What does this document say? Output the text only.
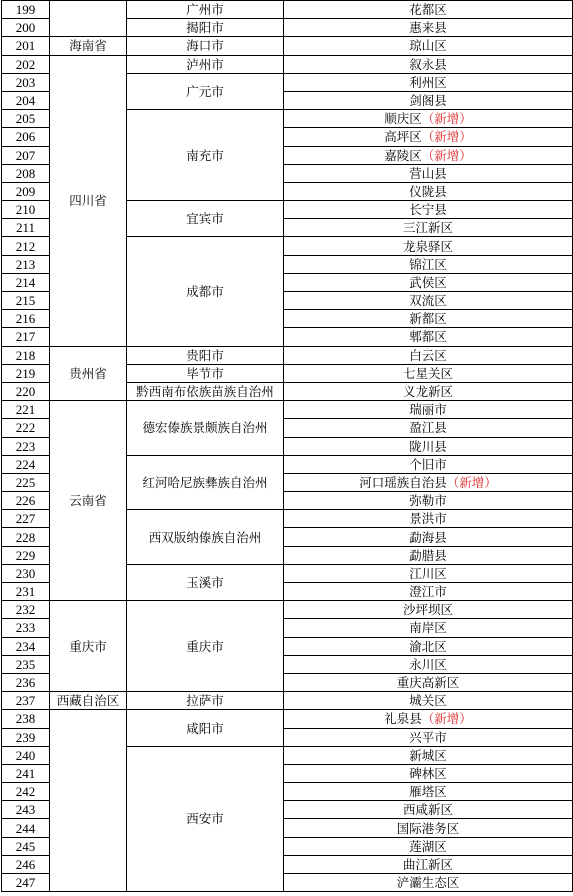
199		广州市	花都区
200		揭阳市	惠来县
201	海南省	海口市	琼山区
202	四川省	泸州市	叙永县
203		广元市	利州区
204			剑阁县
205		南充市	顺庆区（新增）
206			高坪区（新增）
207			嘉陵区（新增）
208			营山县
209			仪陇县
210		宜宾市	长宁县
211			三江新区
212		成都市	龙泉驿区
213			锦江区
214			武侯区
215			双流区
216			新都区
217			郫都区
218	贵州省	贵阳市	白云区
219		毕节市	七星关区
220		黔西南布依族苗族自治州	义龙新区
221	云南省	德宏傣族景颇族自治州	瑞丽市
222			盈江县
223			陇川县
224		红河哈尼族彝族自治州	个旧市
225			河口瑶族自治县（新增）
226			弥勒市
227		西双版纳傣族自治州	景洪市
228			勐海县
229			勐腊县
230		玉溪市	江川区
231			澄江市
232	重庆市	重庆市	沙坪坝区
233			南岸区
234			渝北区
235			永川区
236			重庆高新区
237	西藏自治区	拉萨市	城关区
238		咸阳市	礼泉县（新增）
239			兴平市
240		西安市	新城区
241			碑林区
242			雁塔区
243			西咸新区
244			国际港务区
245			莲湖区
246			曲江新区
247			浐灞生态区
